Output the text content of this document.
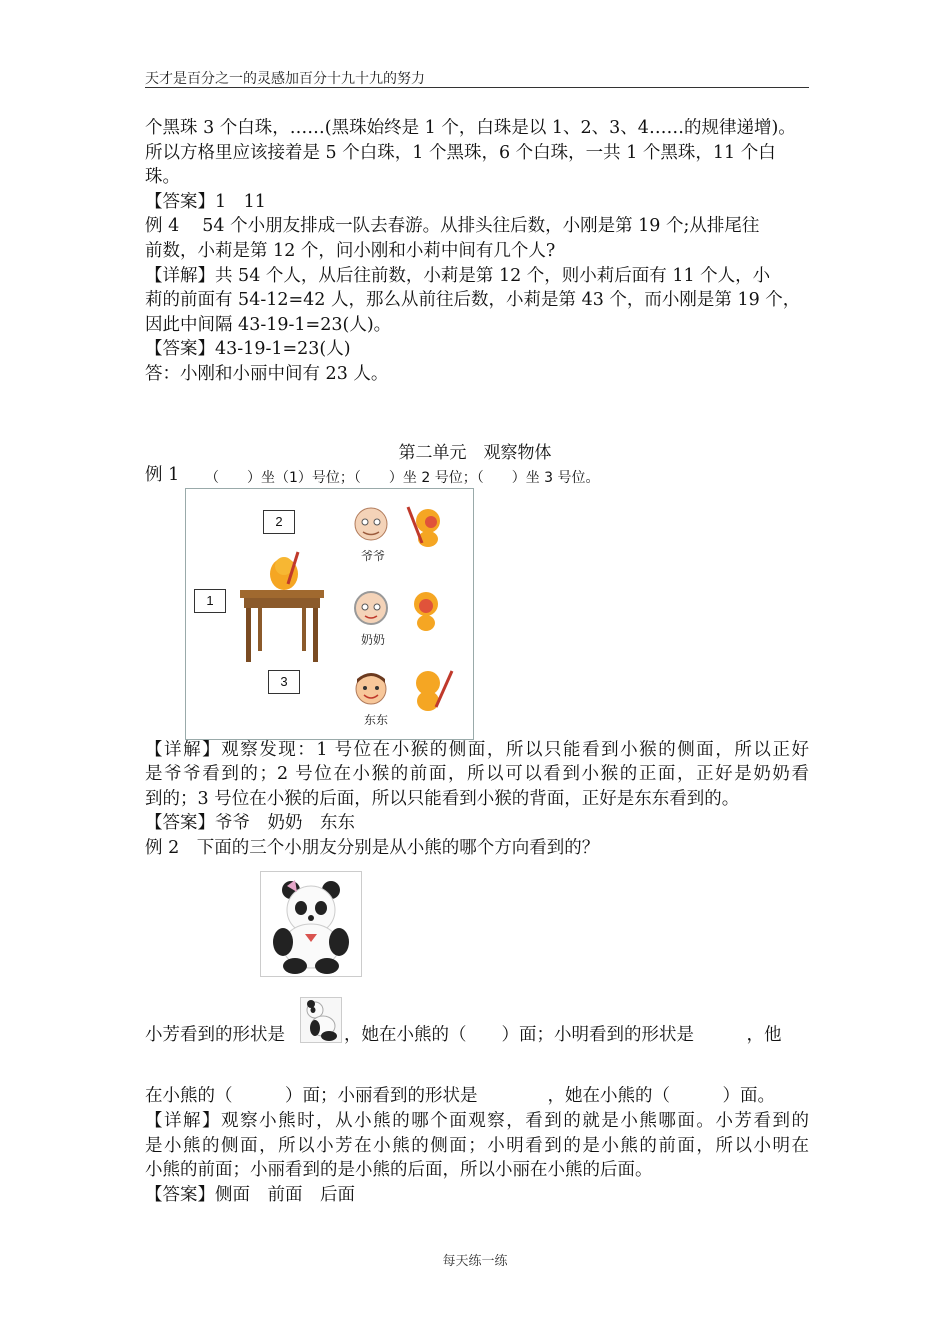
天才是百分之一的灵感加百分十九十九的努力
个黑珠 3 个白珠，……(黑珠始终是 1 个，白珠是以 1、2、3、4……的规律递增)。
所以方格里应该接着是 5 个白珠，1 个黑珠，6 个白珠，一共 1 个黑珠，11 个白
珠。
【答案】1　11
例 4　 54 个小朋友排成一队去春游。从排头往后数，小刚是第 19 个;从排尾往
前数，小莉是第 12 个，问小刚和小莉中间有几个人?
【详解】共 54 个人，从后往前数，小莉是第 12 个，则小莉后面有 11 个人，小
莉的前面有 54-12=42 人，那么从前往后数，小莉是第 43 个，而小刚是第 19 个，
因此中间隔 43-19-1=23(人)。
【答案】43-19-1=23(人)
答：小刚和小丽中间有 23 人。
第二单元　观察物体
例 1 （　　）坐（1）号位；（　　）坐 2 号位；（　　）坐 3 号位。
2
1
3
爷爷
奶奶
东东
【详解】观察发现：1 号位在小猴的侧面，所以只能看到小猴的侧面，所以正好
是爷爷看到的；2 号位在小猴的前面，所以可以看到小猴的正面，正好是奶奶看
到的；3 号位在小猴的后面，所以只能看到小猴的背面，正好是东东看到的。
【答案】爷爷　奶奶　东东
例 2　下面的三个小朋友分别是从小熊的哪个方向看到的？
小芳看到的形状是	，她在小熊的（　　）面；小明看到的形状是　　　，他
在小熊的（　　　）面；小丽看到的形状是　　　　，她在小熊的（　　　）面。
【详解】观察小熊时，从小熊的哪个面观察，看到的就是小熊哪面。小芳看到的
是小熊的侧面，所以小芳在小熊的侧面；小明看到的是小熊的前面，所以小明在
小熊的前面；小丽看到的是小熊的后面，所以小丽在小熊的后面。
【答案】侧面　前面　后面
每天练一练
